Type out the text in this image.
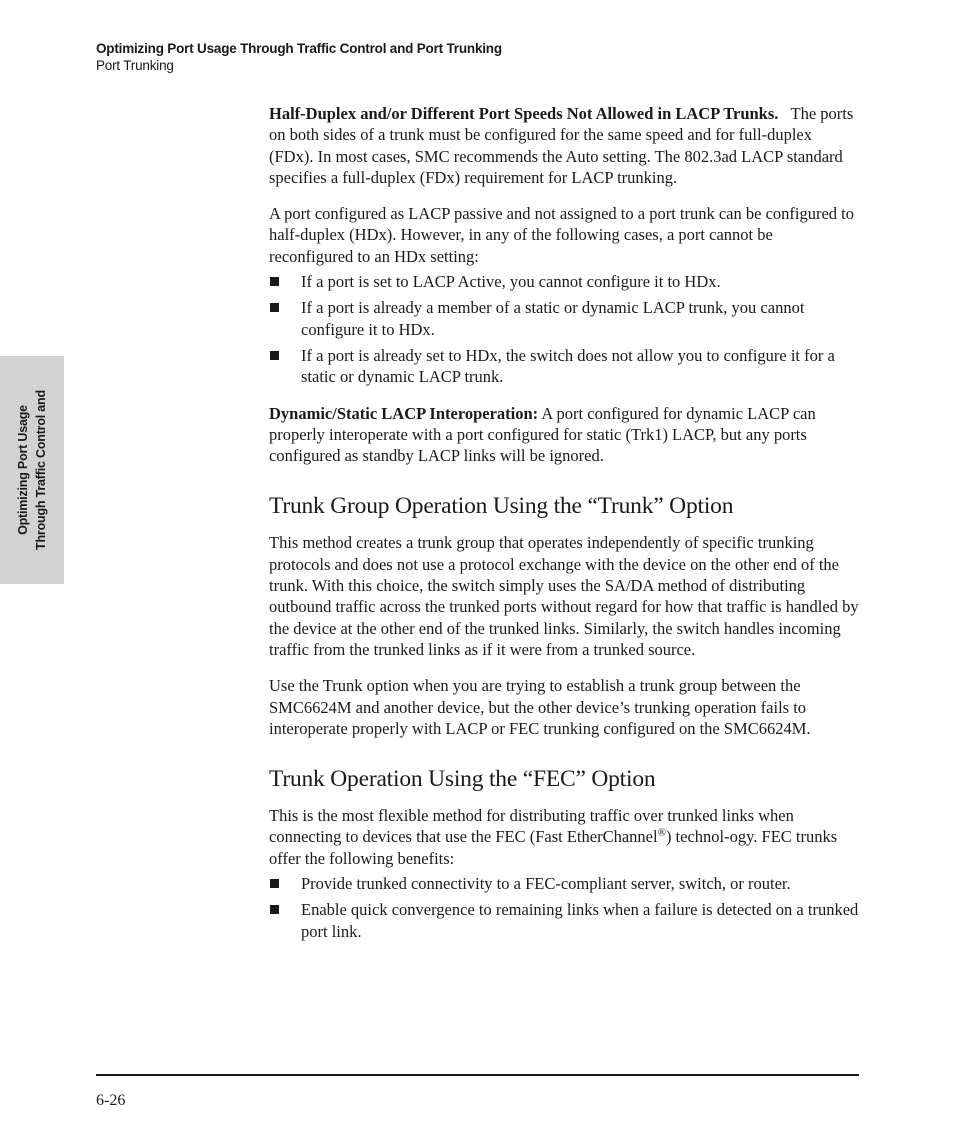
Optimizing Port Usage Through Traffic Control and Port Trunking
Port Trunking
Optimizing Port Usage Through Traffic Control and

Half-Duplex and/or Different Port Speeds Not Allowed in LACP Trunks. The ports on both sides of a trunk must be configured for the same speed and for full-duplex (FDx). In most cases, SMC recommends the Auto setting. The 802.3ad LACP standard specifies a full-duplex (FDx) requirement for LACP trunking.

A port configured as LACP passive and not assigned to a port trunk can be configured to half-duplex (HDx). However, in any of the following cases, a port cannot be reconfigured to an HDx setting:

If a port is set to LACP Active, you cannot configure it to HDx.
If a port is already a member of a static or dynamic LACP trunk, you cannot configure it to HDx.
If a port is already set to HDx, the switch does not allow you to configure it for a static or dynamic LACP trunk.

Dynamic/Static LACP Interoperation: A port configured for dynamic LACP can properly interoperate with a port configured for static (Trk1) LACP, but any ports configured as standby LACP links will be ignored.

Trunk Group Operation Using the “Trunk” Option

This method creates a trunk group that operates independently of specific trunking protocols and does not use a protocol exchange with the device on the other end of the trunk. With this choice, the switch simply uses the SA/DA method of distributing outbound traffic across the trunked ports without regard for how that traffic is handled by the device at the other end of the trunked links. Similarly, the switch handles incoming traffic from the trunked links as if it were from a trunked source.

Use the Trunk option when you are trying to establish a trunk group between the SMC6624M and another device, but the other device’s trunking operation fails to interoperate properly with LACP or FEC trunking configured on the SMC6624M.

Trunk Operation Using the “FEC” Option

This is the most flexible method for distributing traffic over trunked links when connecting to devices that use the FEC (Fast EtherChannel®) technol-ogy. FEC trunks offer the following benefits:

Provide trunked connectivity to a FEC-compliant server, switch, or router.
Enable quick convergence to remaining links when a failure is detected on a trunked port link.
6-26
